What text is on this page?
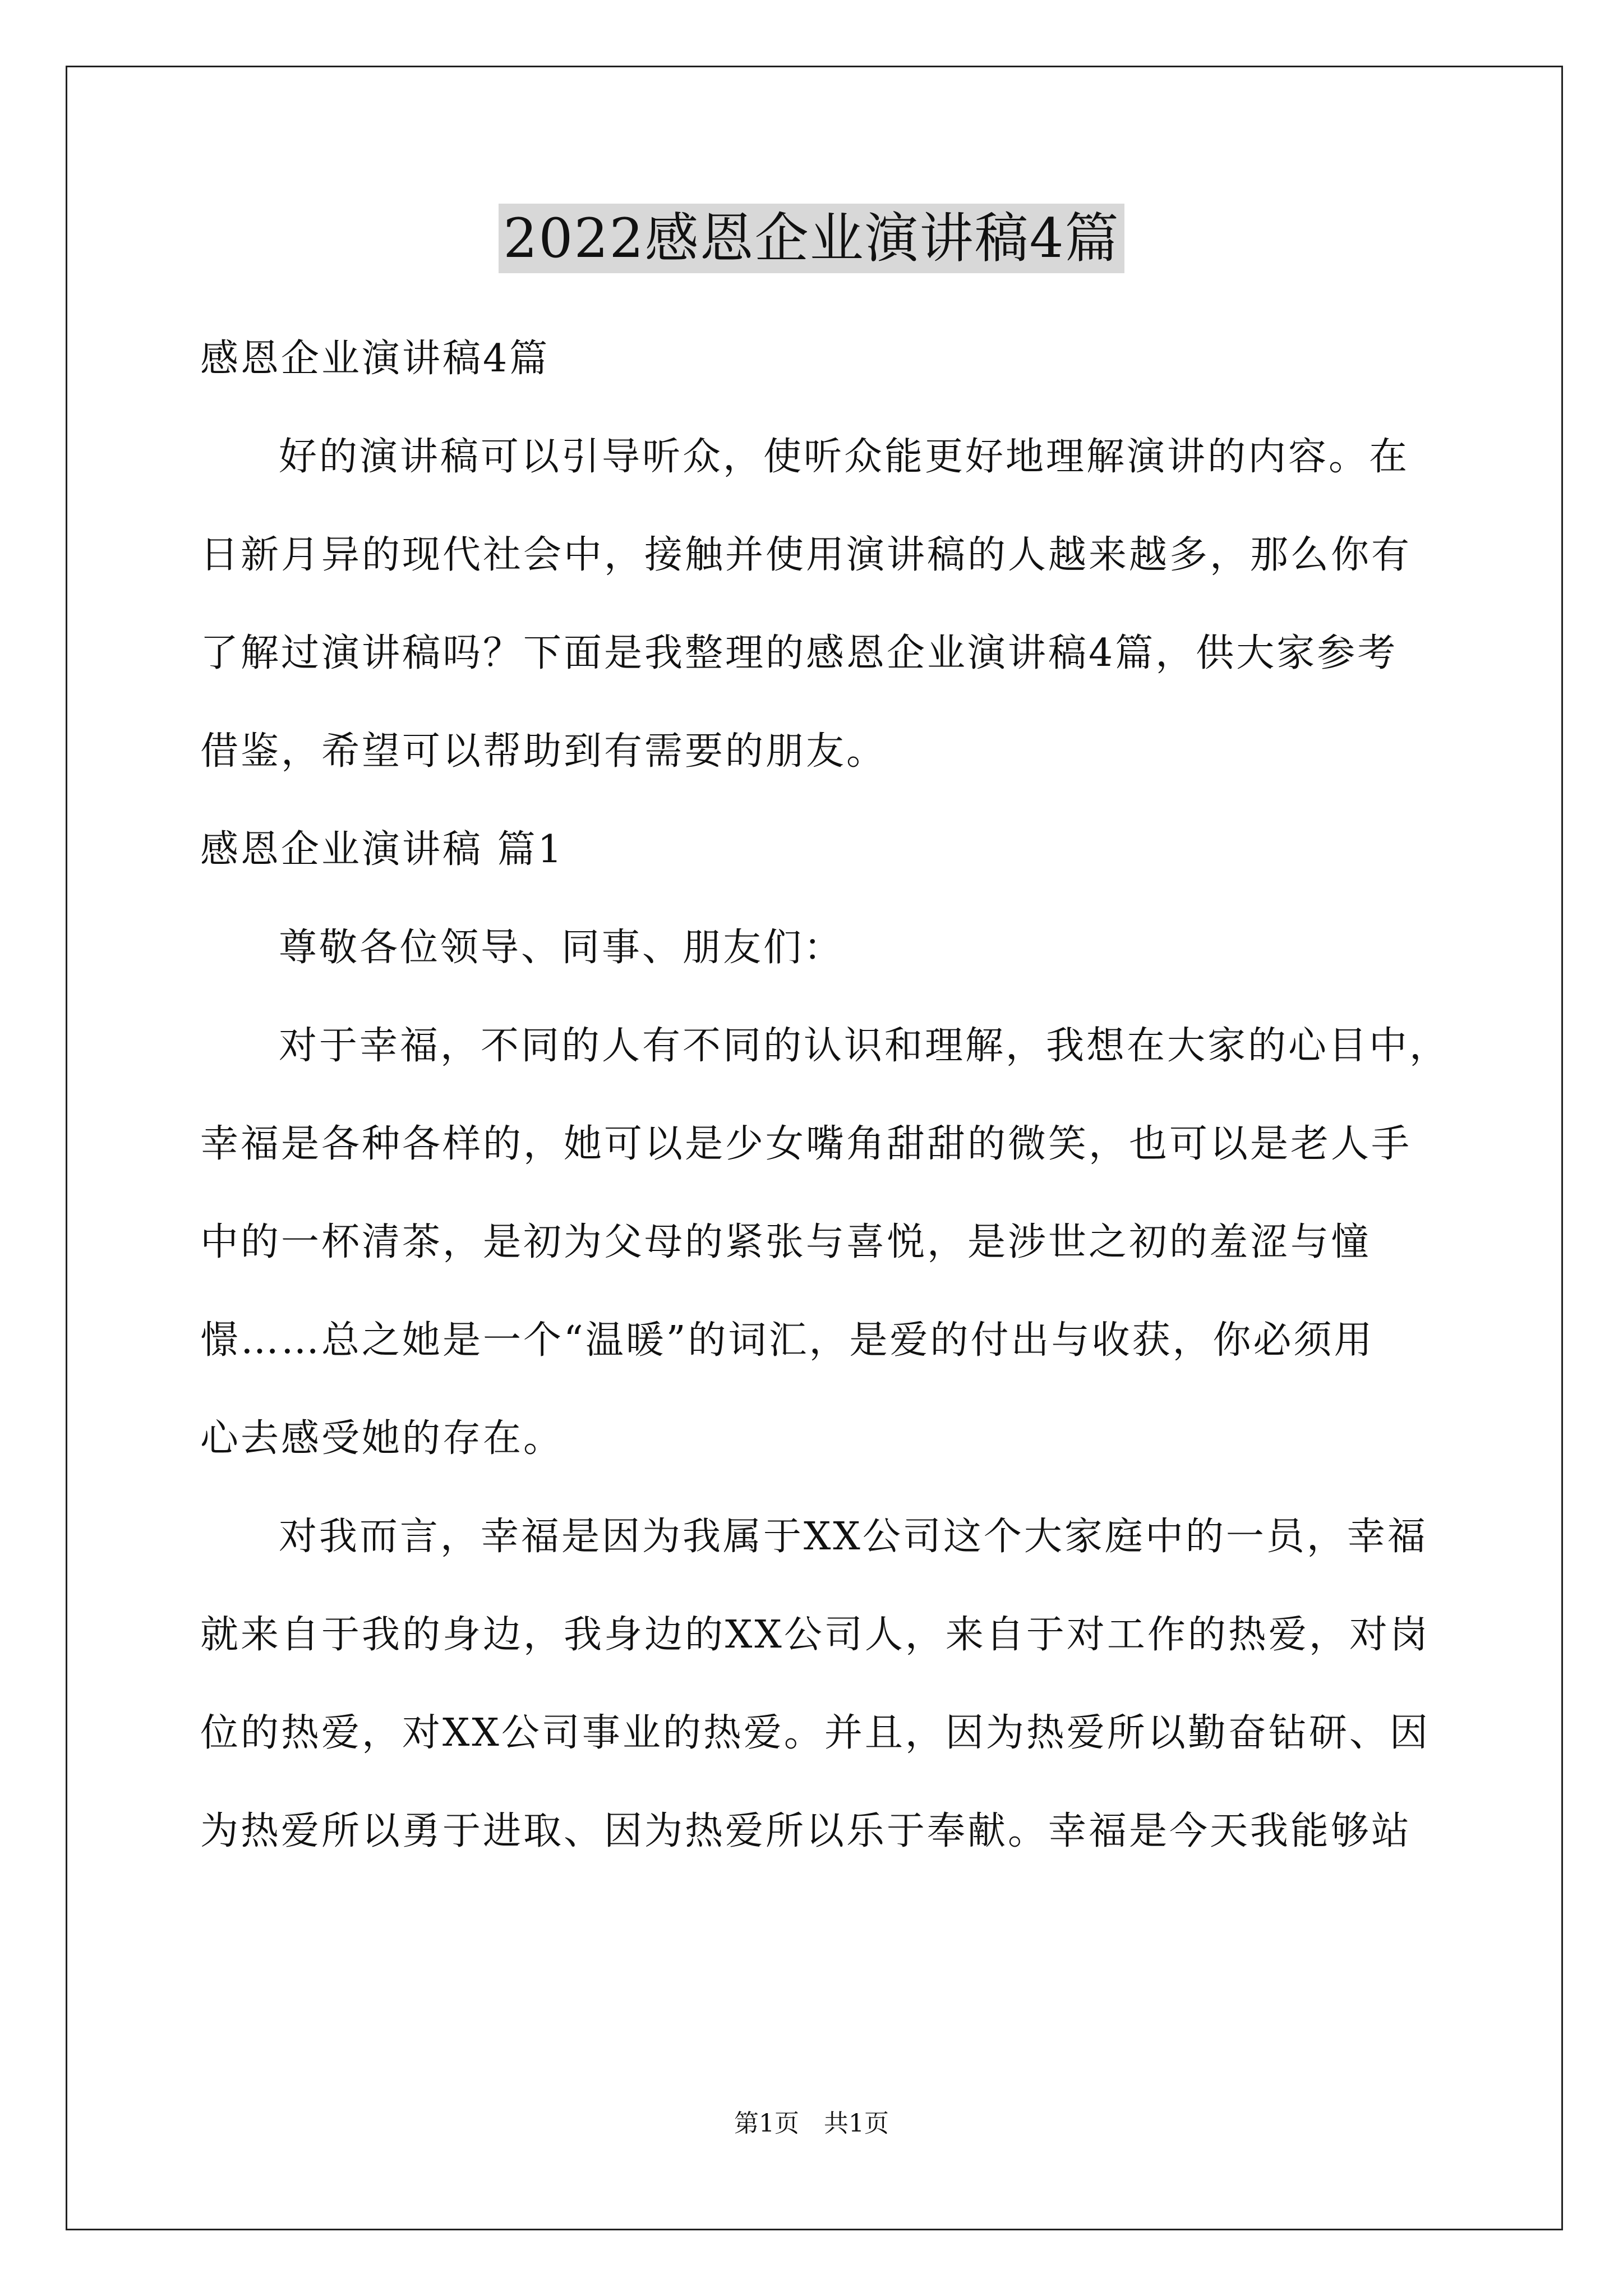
2022感恩企业演讲稿4篇
感恩企业演讲稿4篇
好的演讲稿可以引导听众，使听众能更好地理解演讲的内容。在
日新月异的现代社会中，接触并使用演讲稿的人越来越多，那么你有
了解过演讲稿吗？下面是我整理的感恩企业演讲稿4篇，供大家参考
借鉴，希望可以帮助到有需要的朋友。
感恩企业演讲稿 篇1
尊敬各位领导、同事、朋友们：
对于幸福，不同的人有不同的认识和理解，我想在大家的心目中，
幸福是各种各样的，她可以是少女嘴角甜甜的微笑，也可以是老人手
中的一杯清茶，是初为父母的紧张与喜悦，是涉世之初的羞涩与憧
憬……总之她是一个“温暖”的词汇，是爱的付出与收获，你必须用
心去感受她的存在。
对我而言，幸福是因为我属于XX公司这个大家庭中的一员，幸福
就来自于我的身边，我身边的XX公司人，来自于对工作的热爱，对岗
位的热爱，对XX公司事业的热爱。并且，因为热爱所以勤奋钻研、因
为热爱所以勇于进取、因为热爱所以乐于奉献。幸福是今天我能够站
第1页　共1页
